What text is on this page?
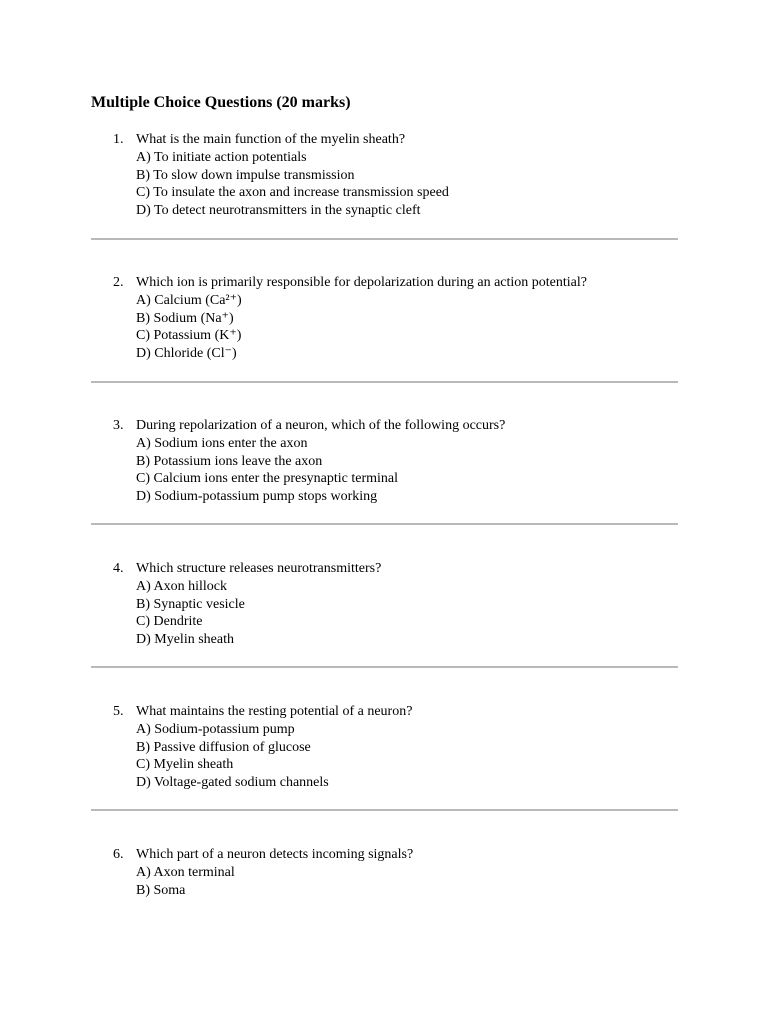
Multiple Choice Questions (20 marks)
1. What is the main function of the myelin sheath?
A) To initiate action potentials
B) To slow down impulse transmission
C) To insulate the axon and increase transmission speed
D) To detect neurotransmitters in the synaptic cleft
2. Which ion is primarily responsible for depolarization during an action potential?
A) Calcium (Ca²⁺)
B) Sodium (Na⁺)
C) Potassium (K⁺)
D) Chloride (Cl⁻)
3. During repolarization of a neuron, which of the following occurs?
A) Sodium ions enter the axon
B) Potassium ions leave the axon
C) Calcium ions enter the presynaptic terminal
D) Sodium-potassium pump stops working
4. Which structure releases neurotransmitters?
A) Axon hillock
B) Synaptic vesicle
C) Dendrite
D) Myelin sheath
5. What maintains the resting potential of a neuron?
A) Sodium-potassium pump
B) Passive diffusion of glucose
C) Myelin sheath
D) Voltage-gated sodium channels
6. Which part of a neuron detects incoming signals?
A) Axon terminal
B) Soma
